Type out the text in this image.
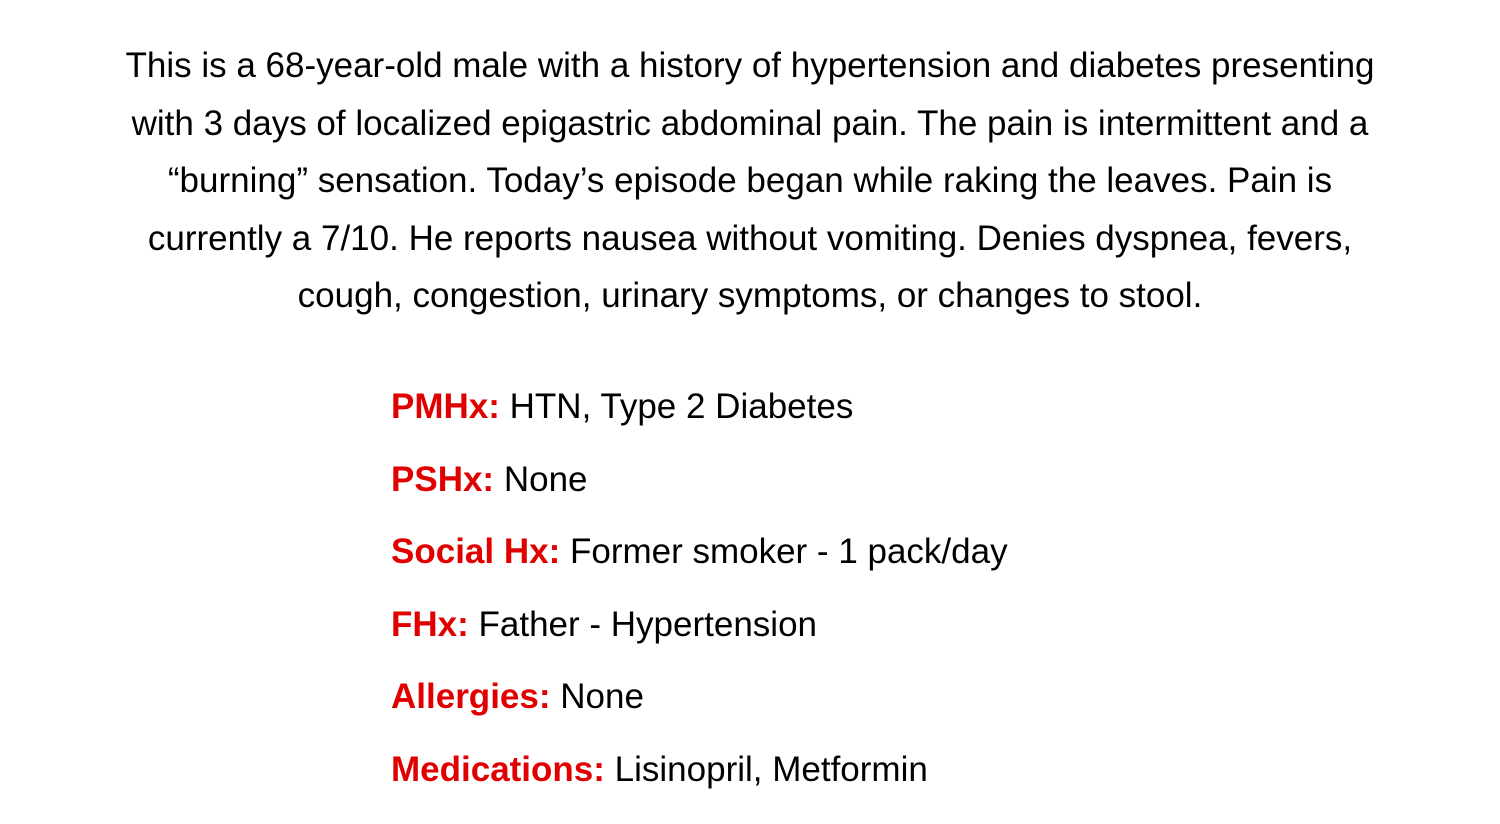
This is a 68-year-old male with a history of hypertension and diabetes presenting
with 3 days of localized epigastric abdominal pain. The pain is intermittent and a
“burning” sensation. Today’s episode began while raking the leaves. Pain is
currently a 7/10. He reports nausea without vomiting. Denies dyspnea, fevers,
cough, congestion, urinary symptoms, or changes to stool.

PMHx: HTN, Type 2 Diabetes
PSHx: None
Social Hx: Former smoker - 1 pack/day
FHx: Father - Hypertension
Allergies: None
Medications: Lisinopril, Metformin
